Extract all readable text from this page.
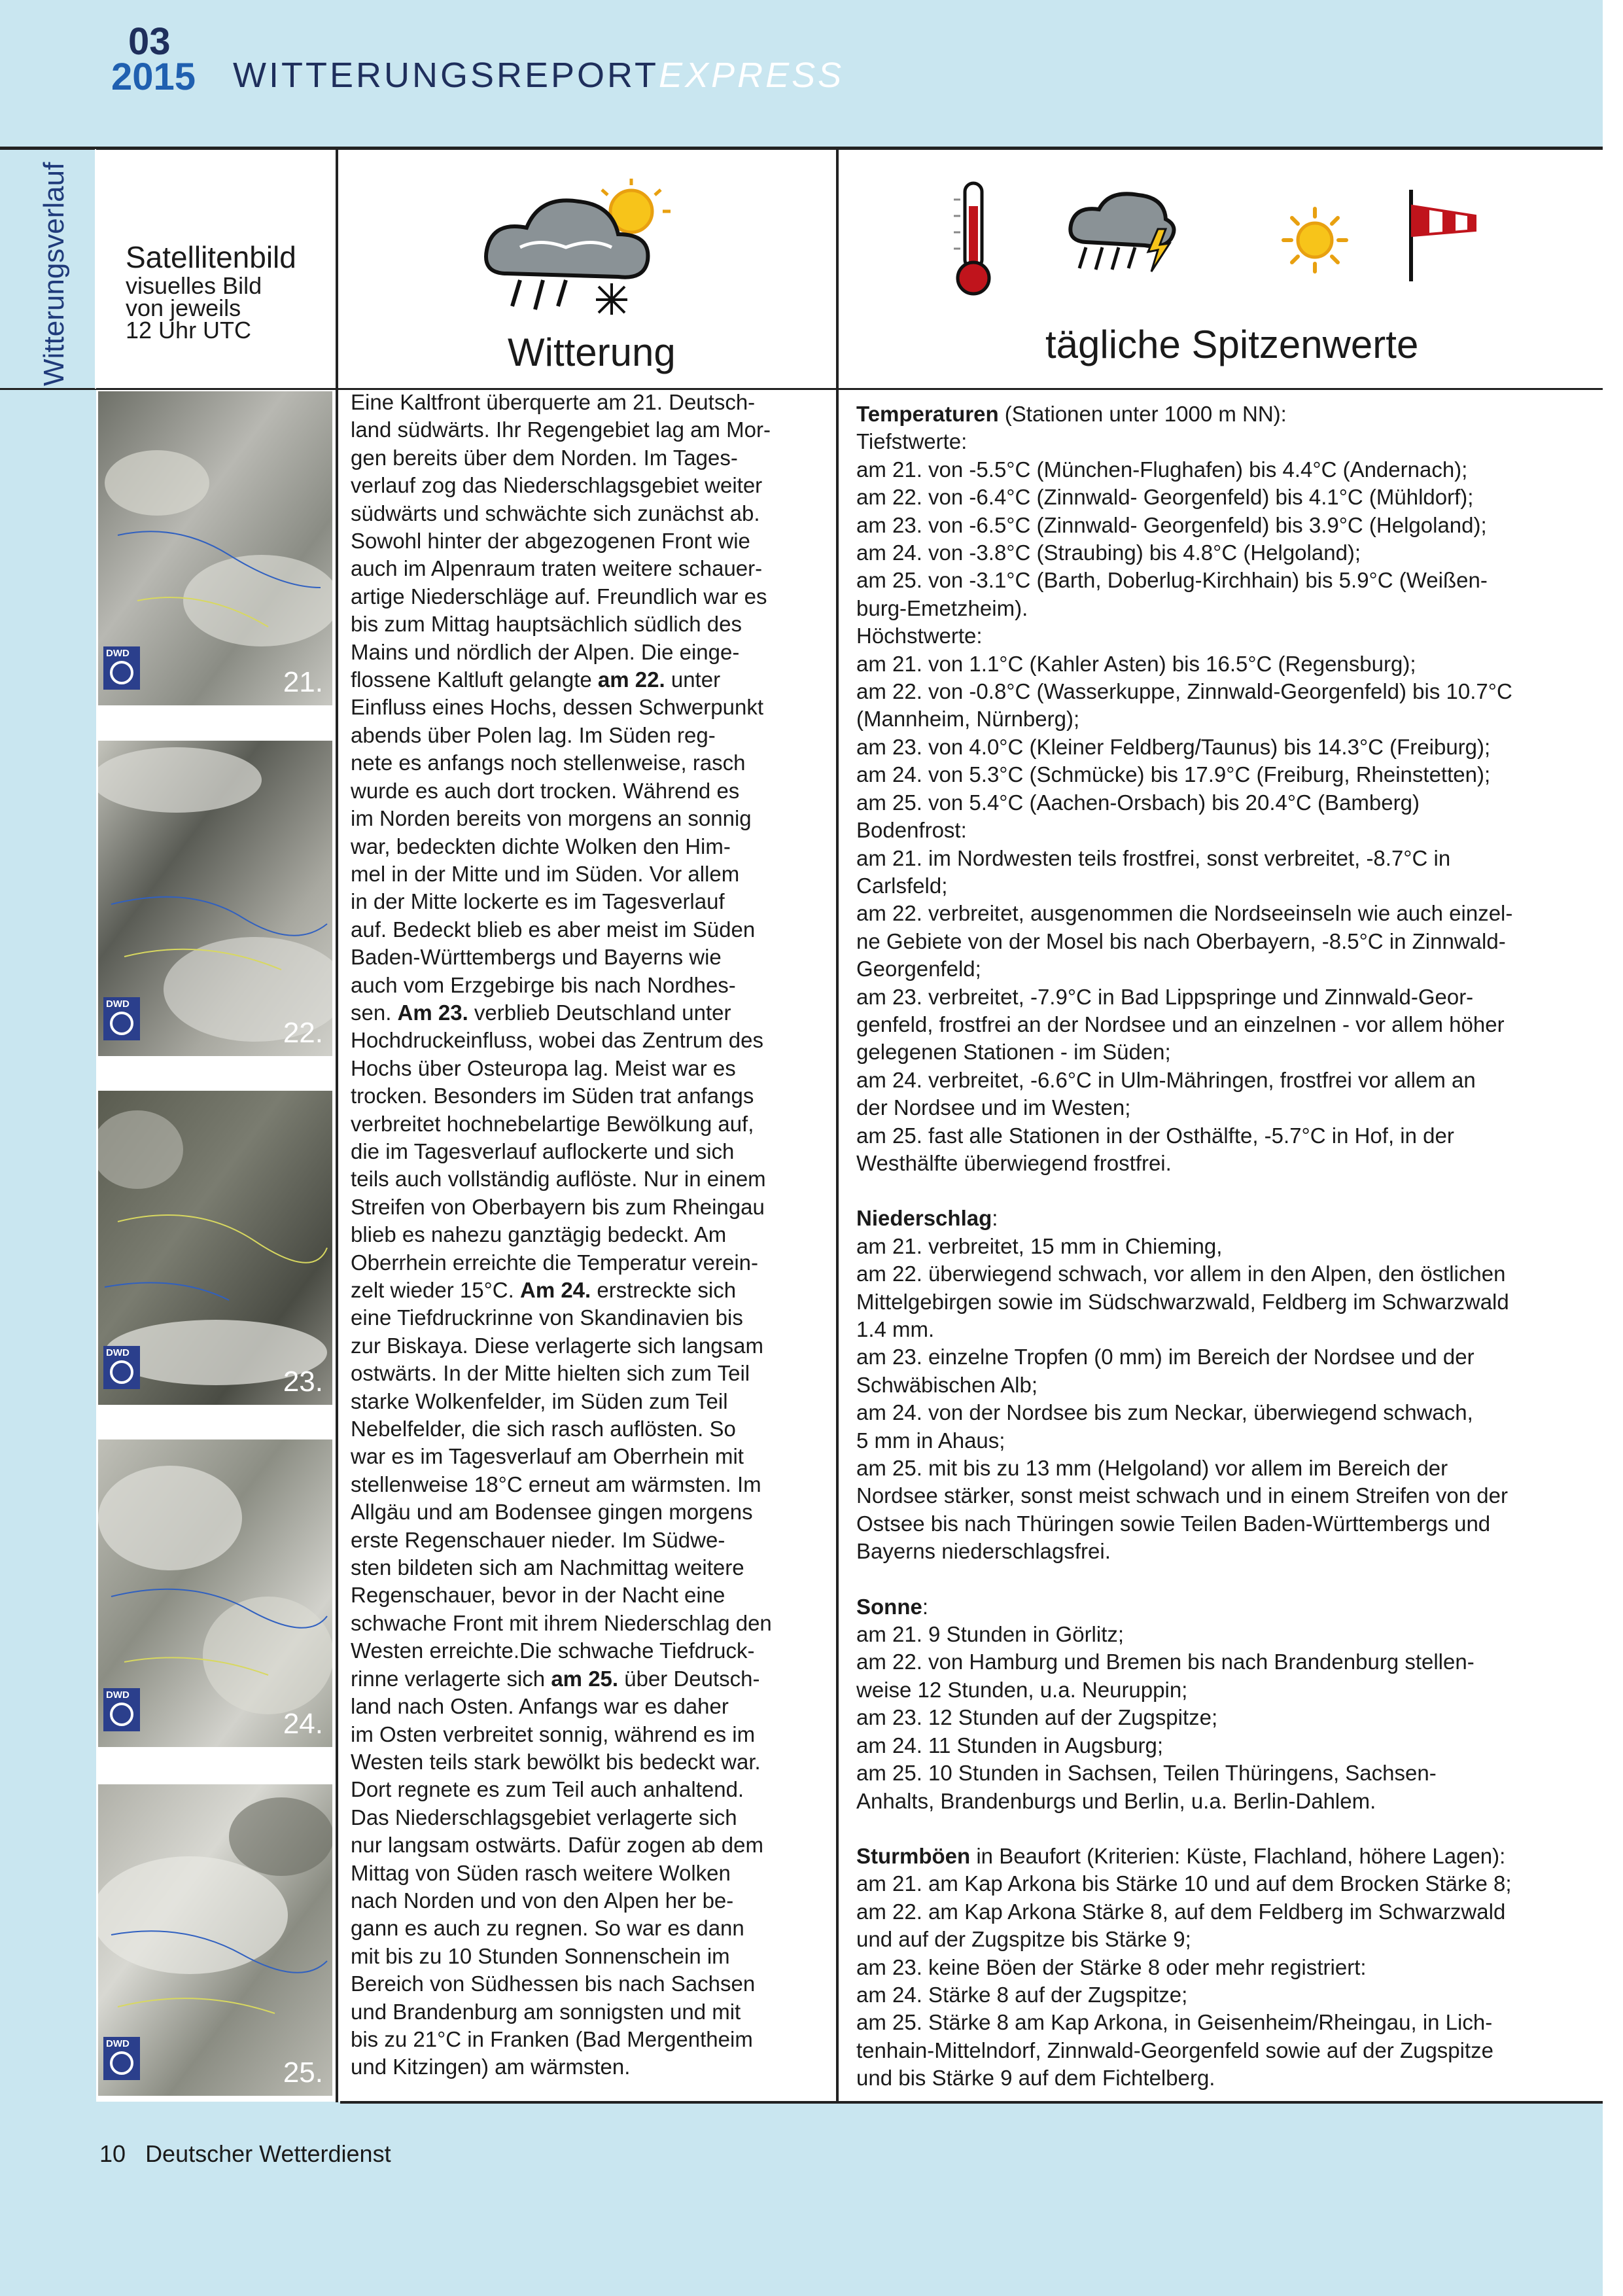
03
2015 WITTERUNGSREPORTEXPRESS
Witterungsverlauf Satellitenbild
visuelles Bild
von jeweils
12 Uhr UTC
Witterung	tägliche Spitzenwerte
DWD
21.
DWD
22.
DWD
23.
DWD
24.
DWD
25.

Eine Kaltfront überquerte am 21. Deutsch-

land südwärts. Ihr Regengebiet lag am Mor-

gen bereits über dem Norden. Im Tages-

verlauf zog das Niederschlagsgebiet weiter

südwärts und schwächte sich zunächst ab.

Sowohl hinter der abgezogenen Front wie

auch im Alpenraum traten weitere schauer-

artige Niederschläge auf. Freundlich war es

bis zum Mittag hauptsächlich südlich des

Mains und nördlich der Alpen. Die einge-

flossene Kaltluft gelangte am 22. unter

Einfluss eines Hochs, dessen Schwerpunkt

abends über Polen lag. Im Süden reg-

nete es anfangs noch stellenweise, rasch

wurde es auch dort trocken. Während es

im Norden bereits von morgens an sonnig

war, bedeckten dichte Wolken den Him-

mel in der Mitte und im Süden. Vor allem

in der Mitte lockerte es im Tagesverlauf

auf. Bedeckt blieb es aber meist im Süden

Baden-Württembergs und Bayerns wie

auch vom Erzgebirge bis nach Nordhes-

sen. Am 23. verblieb Deutschland unter

Hochdruckeinfluss, wobei das Zentrum des

Hochs über Osteuropa lag. Meist war es

trocken. Besonders im Süden trat anfangs

verbreitet hochnebelartige Bewölkung auf,

die im Tagesverlauf auflockerte und sich

teils auch vollständig auflöste. Nur in einem

Streifen von Oberbayern bis zum Rheingau

blieb es nahezu ganztägig bedeckt. Am

Oberrhein erreichte die Temperatur verein-

zelt wieder 15°C. Am 24. erstreckte sich

eine Tiefdruckrinne von Skandinavien bis

zur Biskaya. Diese verlagerte sich langsam

ostwärts. In der Mitte hielten sich zum Teil

starke Wolkenfelder, im Süden zum Teil

Nebelfelder, die sich rasch auflösten. So

war es im Tagesverlauf am Oberrhein mit

stellenweise 18°C erneut am wärmsten. Im

Allgäu und am Bodensee gingen morgens

erste Regenschauer nieder. Im Südwe-

sten bildeten sich am Nachmittag weitere

Regenschauer, bevor in der Nacht eine

schwache Front mit ihrem Niederschlag den

Westen erreichte.Die schwache Tiefdruck-

rinne verlagerte sich am 25. über Deutsch-

land nach Osten. Anfangs war es daher

im Osten verbreitet sonnig, während es im

Westen teils stark bewölkt bis bedeckt war.

Dort regnete es zum Teil auch anhaltend.

Das Niederschlagsgebiet verlagerte sich

nur langsam ostwärts. Dafür zogen ab dem

Mittag von Süden rasch weitere Wolken

nach Norden und von den Alpen her be-

gann es auch zu regnen. So war es dann

mit bis zu 10 Stunden Sonnenschein im

Bereich von Südhessen bis nach Sachsen

und Brandenburg am sonnigsten und mit

bis zu 21°C in Franken (Bad Mergentheim

und Kitzingen) am wärmsten.

Temperaturen (Stationen unter 1000 m NN):

Tiefstwerte:

am 21. von -5.5°C (München-Flughafen) bis 4.4°C (Andernach);

am 22. von -6.4°C (Zinnwald- Georgenfeld) bis 4.1°C (Mühldorf);

am 23. von -6.5°C (Zinnwald- Georgenfeld) bis 3.9°C (Helgoland);

am 24. von -3.8°C (Straubing) bis 4.8°C (Helgoland);

am 25. von -3.1°C (Barth, Doberlug-Kirchhain) bis 5.9°C (Weißen-

burg-Emetzheim).

Höchstwerte:

am 21. von 1.1°C (Kahler Asten) bis 16.5°C (Regensburg);

am 22. von -0.8°C (Wasserkuppe, Zinnwald-Georgenfeld) bis 10.7°C

(Mannheim, Nürnberg);

am 23. von 4.0°C (Kleiner Feldberg/Taunus) bis 14.3°C (Freiburg);

am 24. von 5.3°C (Schmücke) bis 17.9°C (Freiburg, Rheinstetten);

am 25. von 5.4°C (Aachen-Orsbach) bis 20.4°C (Bamberg)

Bodenfrost:

am 21. im Nordwesten teils frostfrei, sonst verbreitet, -8.7°C in

Carlsfeld;

am 22. verbreitet, ausgenommen die Nordseeinseln wie auch einzel-

ne Gebiete von der Mosel bis nach Oberbayern, -8.5°C in Zinnwald-

Georgenfeld;

am 23. verbreitet, -7.9°C in Bad Lippspringe und Zinnwald-Geor-

genfeld, frostfrei an der Nordsee und an einzelnen - vor allem höher

gelegenen Stationen - im Süden;

am 24. verbreitet, -6.6°C in Ulm-Mähringen, frostfrei vor allem an

der Nordsee und im Westen;

am 25. fast alle Stationen in der Osthälfte, -5.7°C in Hof, in der

Westhälfte überwiegend frostfrei.

Niederschlag:

am 21. verbreitet, 15 mm in Chieming,

am 22. überwiegend schwach, vor allem in den Alpen, den östlichen

Mittelgebirgen sowie im Südschwarzwald, Feldberg im Schwarzwald

1.4 mm.

am 23. einzelne Tropfen (0 mm) im Bereich der Nordsee und der

Schwäbischen Alb;

am 24. von der Nordsee bis zum Neckar, überwiegend schwach,

5 mm in Ahaus;

am 25. mit bis zu 13 mm (Helgoland) vor allem im Bereich der

Nordsee stärker, sonst meist schwach und in einem Streifen von der

Ostsee bis nach Thüringen sowie Teilen Baden-Württembergs und

Bayerns niederschlagsfrei.

Sonne:

am 21. 9 Stunden in Görlitz;

am 22. von Hamburg und Bremen bis nach Brandenburg stellen-

weise 12 Stunden, u.a. Neuruppin;

am 23. 12 Stunden auf der Zugspitze;

am 24. 11 Stunden in Augsburg;

am 25. 10 Stunden in Sachsen, Teilen Thüringens, Sachsen-

Anhalts, Brandenburgs und Berlin, u.a. Berlin-Dahlem.

Sturmböen in Beaufort (Kriterien: Küste, Flachland, höhere Lagen):

am 21. am Kap Arkona bis Stärke 10 und auf dem Brocken Stärke 8;

am 22. am Kap Arkona Stärke 8, auf dem Feldberg im Schwarzwald

und auf der Zugspitze bis Stärke 9;

am 23. keine Böen der Stärke 8 oder mehr registriert:

am 24. Stärke 8 auf der Zugspitze;

am 25. Stärke 8 am Kap Arkona, in Geisenheim/Rheingau, in Lich-

tenhain-Mittelndorf, Zinnwald-Georgenfeld sowie auf der Zugspitze

und bis Stärke 9 auf dem Fichtelberg.

10 Deutscher Wetterdienst
